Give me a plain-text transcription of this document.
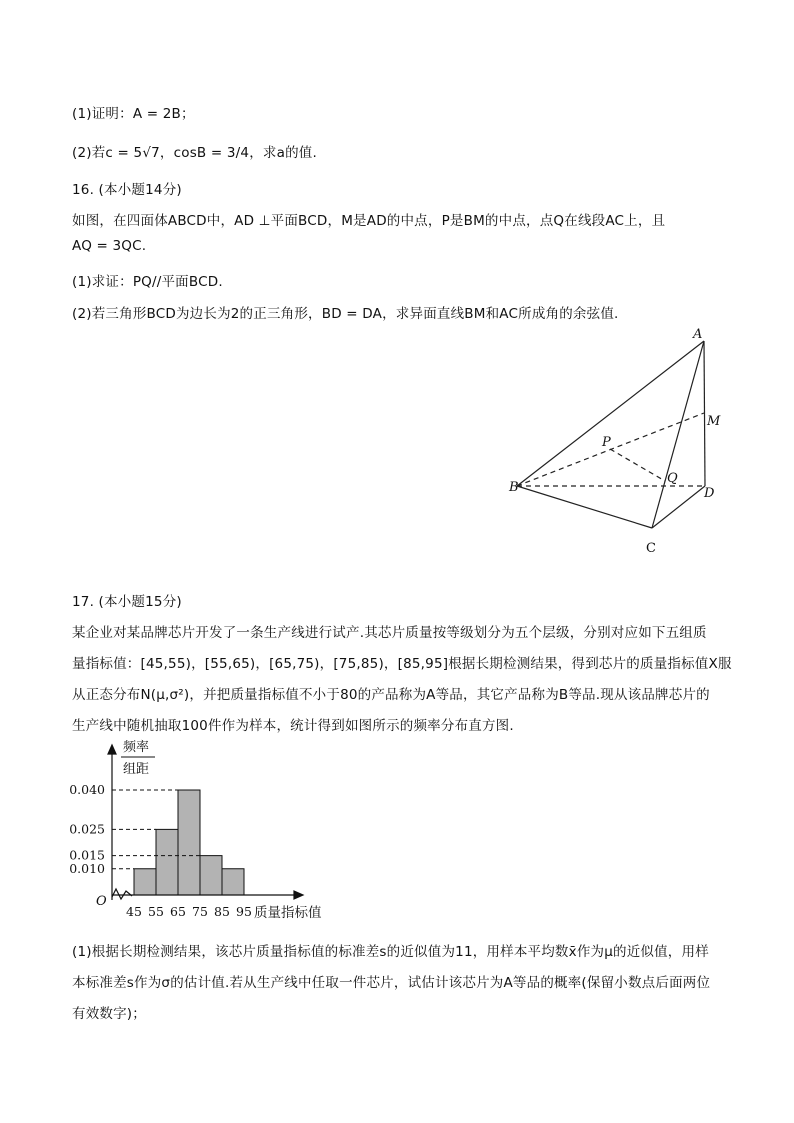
(1)证明：A = 2B；
(2)若c = 5√7，cosB = 3/4，求a的值.
16. (本小题14分)
如图，在四面体ABCD中，AD ⊥平面BCD，M是AD的中点，P是BM的中点，点Q在线段AC上，且
AQ = 3QC.
(1)求证：PQ//平面BCD.
(2)若三角形BCD为边长为2的正三角形，BD = DA，求异面直线BM和AC所成角的余弦值.
A
M
P
Q
B	D
C
17. (本小题15分)
某企业对某品牌芯片开发了一条生产线进行试产.其芯片质量按等级划分为五个层级，分别对应如下五组质
量指标值：[45,55)，[55,65)，[65,75)，[75,85)，[85,95]根据长期检测结果，得到芯片的质量指标值X服
从正态分布N(μ,σ²)，并把质量指标值不小于80的产品称为A等品，其它产品称为B等品.现从该品牌芯片的
生产线中随机抽取100件作为样本，统计得到如图所示的频率分布直方图.
频率
组距
O
质量指标值
0.040
0.025
0.015
0.010
45 55 65 75 85 95
(1)根据长期检测结果，该芯片质量指标值的标准差s的近似值为11，用样本平均数x̄作为μ的近似值，用样
本标准差s作为σ的估计值.若从生产线中任取一件芯片，试估计该芯片为A等品的概率(保留小数点后面两位
有效数字)；
